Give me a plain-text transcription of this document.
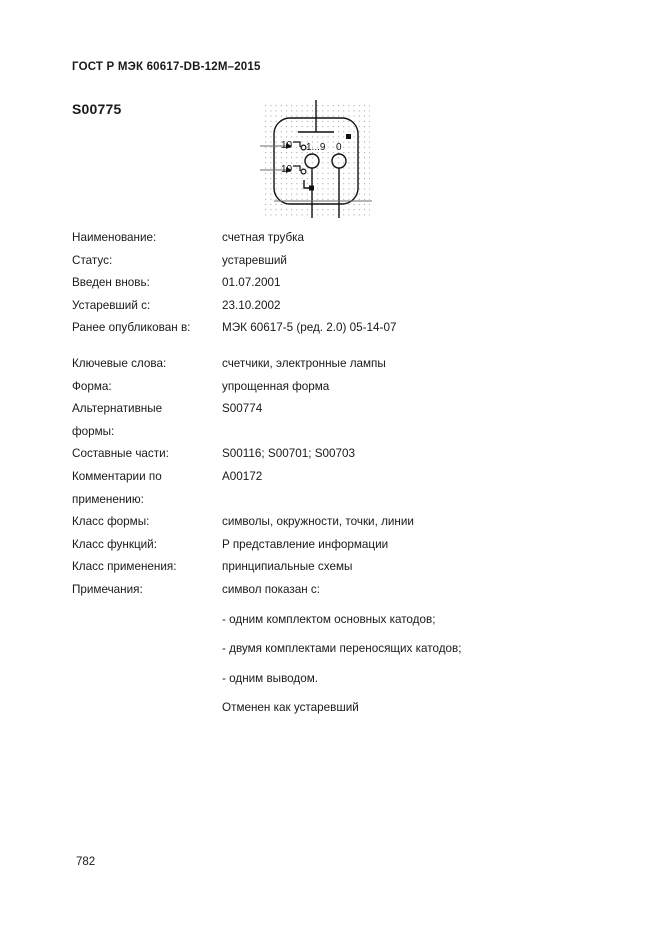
ГОСТ Р МЭК 60617-DB-12M–2015
S00775
10
10
1...9 0
Наименование:	счетная трубка
Статус:	устаревший
Введен вновь:	01.07.2001
Устаревший с:	23.10.2002
Ранее опубликован в:	МЭК 60617-5 (ред. 2.0) 05-14-07
Ключевые слова:	счетчики, электронные лампы
Форма:	упрощенная форма
Альтернативные	S00774
формы:
Составные части:	S00116; S00701; S00703
Комментарии по	A00172
применению:
Класс формы:	символы, окружности, точки, линии
Класс функций:	P представление информации
Класс применения:	принципиальные схемы
Примечания:	символ показан с:
- одним комплектом основных катодов;
- двумя комплектами переносящих катодов;
- одним выводом.
Отменен как устаревший
782
